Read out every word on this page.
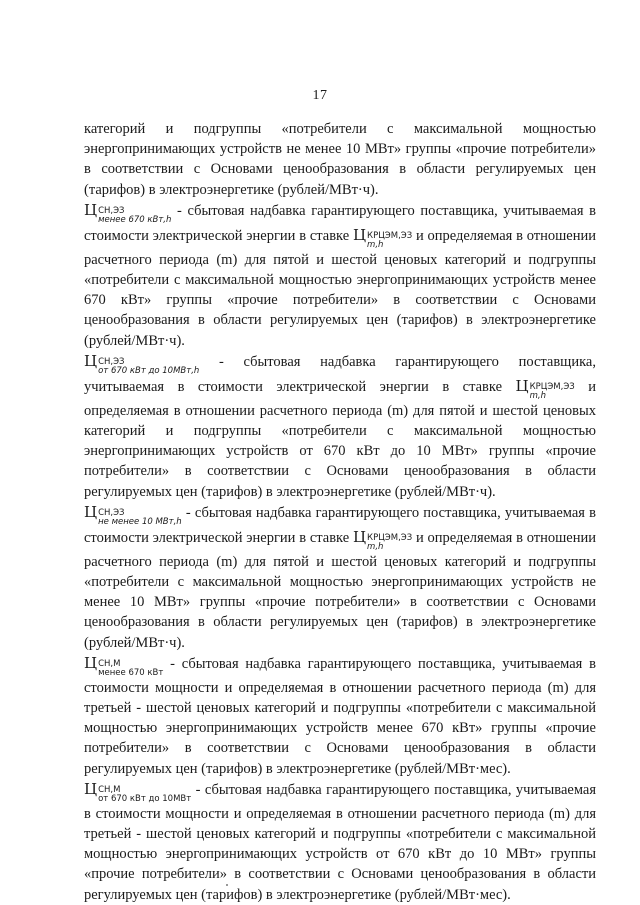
17

категорий и подгруппы «потребители с максимальной мощностью энергопринимающих устройств не менее 10 МВт» группы «прочие потребители» в соответствии с Основами ценообразования в области регулируемых цен (тарифов) в электроэнергетике (рублей/МВт·ч).

Ц СН,ЭЗ
менее 670 кВт,h
- сбытовая надбавка гарантирующего поставщика, учитываемая в стоимости электрической энергии в ставке Ц КРЦЭМ,ЭЗ
m,h
и определяемая в отношении расчетного периода (m) для пятой и шестой ценовых категорий и подгруппы «потребители с максимальной мощностью энергопринимающих устройств менее 670 кВт» группы «прочие потребители» в соответствии с Основами ценообразования в области регулируемых цен (тарифов) в электроэнергетике (рублей/МВт·ч).

Ц СН,ЭЗ
от 670 кВт до 10МВт,h
- сбытовая надбавка гарантирующего поставщика, учитываемая в стоимости электрической энергии в ставке Ц КРЦЭМ,ЭЗ
m,h
и определяемая в отношении расчетного периода (m) для пятой и шестой ценовых категорий и подгруппы «потребители с максимальной мощностью энергопринимающих устройств от 670 кВт до 10 МВт» группы «прочие потребители» в соответствии с Основами ценообразования в области регулируемых цен (тарифов) в электроэнергетике (рублей/МВт·ч).

Ц СН,ЭЗ
не менее 10 МВт,h
- сбытовая надбавка гарантирующего поставщика, учитываемая в стоимости электрической энергии в ставке Ц КРЦЭМ,ЭЗ
m,h
и определяемая в отношении расчетного периода (m) для пятой и шестой ценовых категорий и подгруппы «потребители с максимальной мощностью энергопринимающих устройств не менее 10 МВт» группы «прочие потребители» в соответствии с Основами ценообразования в области регулируемых цен (тарифов) в электроэнергетике (рублей/МВт·ч).

Ц СН,М
менее 670 кВт
- сбытовая надбавка гарантирующего поставщика, учитываемая в стоимости мощности и определяемая в отношении расчетного периода (m) для третьей - шестой ценовых категорий и подгруппы «потребители с максимальной мощностью энергопринимающих устройств менее 670 кВт» группы «прочие потребители» в соответствии с Основами ценообразования в области регулируемых цен (тарифов) в электроэнергетике (рублей/МВт·мес).

Ц СН,М
от 670 кВт до 10МВт
- сбытовая надбавка гарантирующего поставщика, учитываемая в стоимости мощности и определяемая в отношении расчетного периода (m) для третьей - шестой ценовых категорий и подгруппы «потребители с максимальной мощностью энергопринимающих устройств от 670 кВт до 10 МВт» группы «прочие потребители» в соответствии с Основами ценообразования в области регулируемых цен (тарифов) в электроэнергетике (рублей/МВт·мес).
